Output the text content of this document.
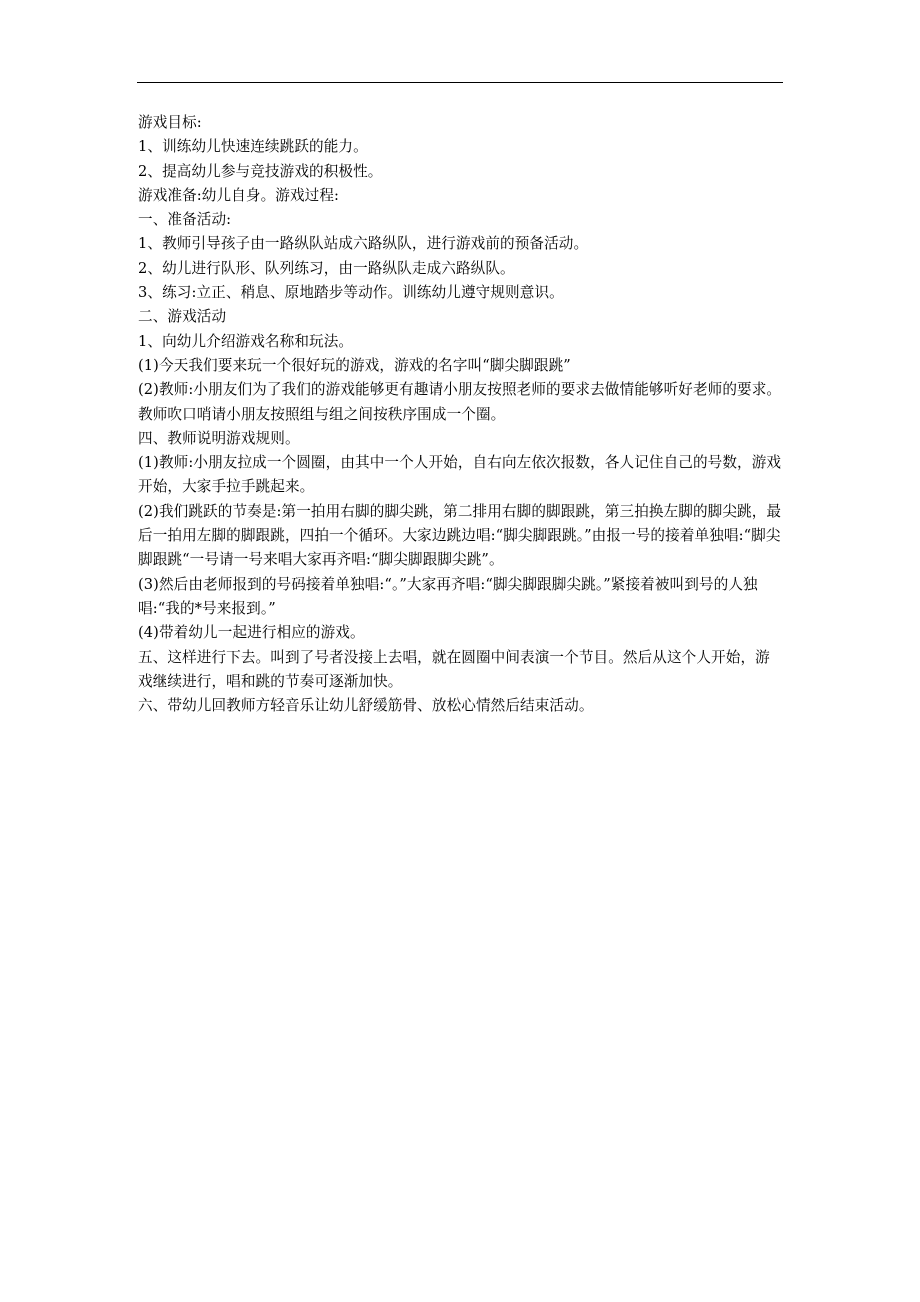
游戏目标:

1、训练幼儿快速连续跳跃的能力。

2、提高幼儿参与竞技游戏的积极性。

游戏准备:幼儿自身。游戏过程:

一、准备活动:

1、教师引导孩子由一路纵队站成六路纵队，进行游戏前的预备活动。

2、幼儿进行队形、队列练习，由一路纵队走成六路纵队。

3、练习:立正、稍息、原地踏步等动作。训练幼儿遵守规则意识。

二、游戏活动

1、向幼儿介绍游戏名称和玩法。

(1)今天我们要来玩一个很好玩的游戏，游戏的名字叫“脚尖脚跟跳”

(2)教师:小朋友们为了我们的游戏能够更有趣请小朋友按照老师的要求去做情能够听好老师的要求。

教师吹口哨请小朋友按照组与组之间按秩序围成一个圈。

四、教师说明游戏规则。

(1)教师:小朋友拉成一个圆圈，由其中一个人开始，自右向左依次报数，各人记住自己的号数，游戏开始，大家手拉手跳起来。

(2)我们跳跃的节奏是:第一拍用右脚的脚尖跳，第二排用右脚的脚跟跳，第三拍换左脚的脚尖跳，最后一拍用左脚的脚跟跳，四拍一个循环。大家边跳边唱:“脚尖脚跟跳。”由报一号的接着单独唱:“脚尖脚跟跳“一号请一号来唱大家再齐唱:“脚尖脚跟脚尖跳”。

(3)然后由老师报到的号码接着单独唱:“。”大家再齐唱:“脚尖脚跟脚尖跳。”紧接着被叫到号的人独唱:“我的*号来报到。”

(4)带着幼儿一起进行相应的游戏。

五、这样进行下去。叫到了号者没接上去唱，就在圆圈中间表演一个节目。然后从这个人开始，游戏继续进行，唱和跳的节奏可逐渐加快。

六、带幼儿回教师方轻音乐让幼儿舒缓筋骨、放松心情然后结束活动。
